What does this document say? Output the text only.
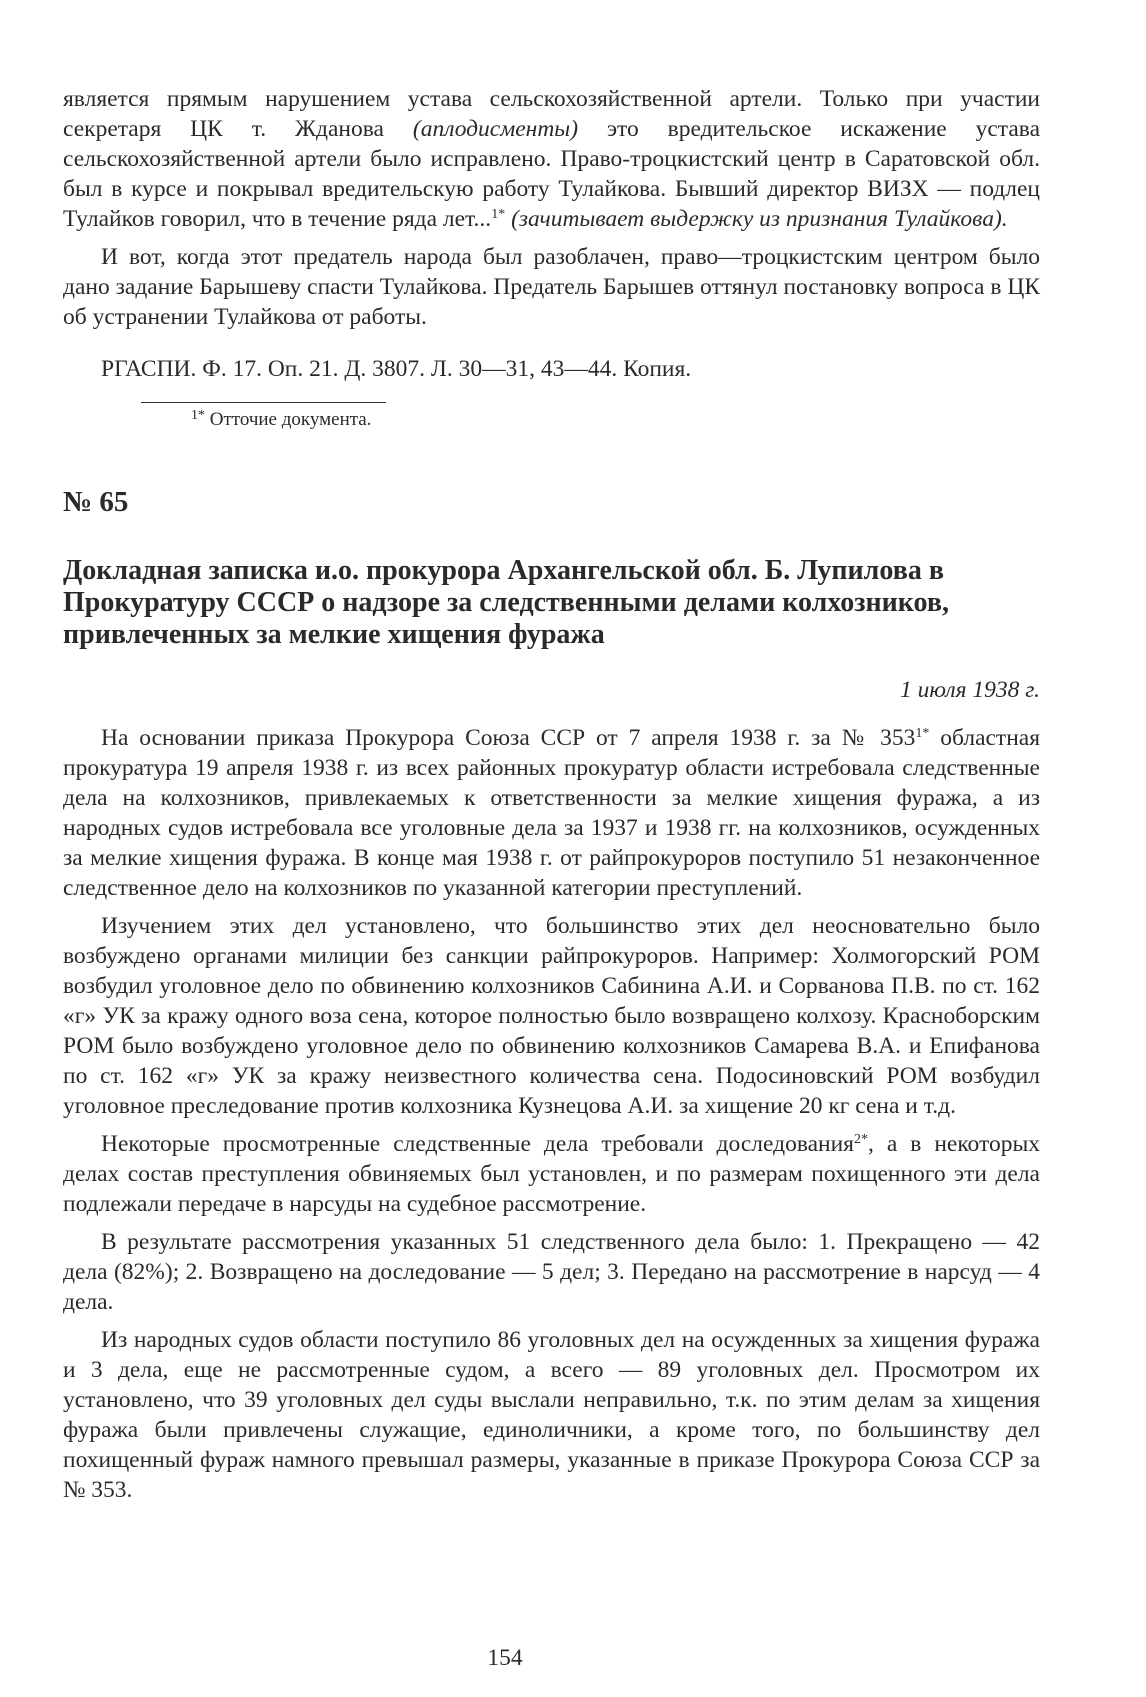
является прямым нарушением устава сельскохозяйственной артели. Только при участии секретаря ЦК т. Жданова (аплодисменты) это вредительское искажение устава сельскохозяйственной артели было исправлено. Право-троцкистский центр в Саратовской обл. был в курсе и покрывал вредительскую работу Тулайкова. Бывший директор ВИЗХ — подлец Тулайков говорил, что в течение ряда лет...$^{1*}$ (зачитывает выдержку из признания Тулайкова).

И вот, когда этот предатель народа был разоблачен, право—троцкистским центром было дано задание Барышеву спасти Тулайкова. Предатель Барышев оттянул постановку вопроса в ЦК об устранении Тулайкова от работы.

РГАСПИ. Ф. 17. Оп. 21. Д. 3807. Л. 30—31, 43—44. Копия.

$^{1*}$ Отточие документа.

№ 65
Докладная записка и.о. прокурора Архангельской обл. Б. Лупилова в Прокуратуру СССР о надзоре за следственными делами колхозников, привлеченных за мелкие хищения фуража
1 июля 1938 г.

На основании приказа Прокурора Союза ССР от 7 апреля 1938 г. за № $353^{1*}$ областная прокуратура 19 апреля 1938 г. из всех районных прокуратур области истребовала следственные дела на колхозников, привлекаемых к ответственности за мелкие хищения фуража, а из народных судов истребовала все уголовные дела за 1937 и 1938 гг. на колхозников, осужденных за мелкие хищения фуража. В конце мая 1938 г. от райпрокуроров поступило 51 незаконченное следственное дело на колхозников по указанной категории преступлений.

Изучением этих дел установлено, что большинство этих дел неосновательно было возбуждено органами милиции без санкции райпрокуроров. Например: Холмогорский РОМ возбудил уголовное дело по обвинению колхозников Сабинина А.И. и Сорванова П.В. по ст. 162 «г» УК за кражу одного воза сена, которое полностью было возвращено колхозу. Красноборским РОМ было возбуждено уголовное дело по обвинению колхозников Самарева В.А. и Епифанова по ст. 162 «г» УК за кражу неизвестного количества сена. Подосиновский РОМ возбудил уголовное преследование против колхозника Кузнецова А.И. за хищение 20 кг сена и т.д.

Некоторые просмотренные следственные дела требовали доследования$^{2*}$, а в некоторых делах состав преступления обвиняемых был установлен, и по размерам похищенного эти дела подлежали передаче в нарсуды на судебное рассмотрение.

В результате рассмотрения указанных 51 следственного дела было: 1. Прекращено — 42 дела (82%); 2. Возвращено на доследование — 5 дел; 3. Передано на рассмотрение в нарсуд — 4 дела.

Из народных судов области поступило 86 уголовных дел на осужденных за хищения фуража и 3 дела, еще не рассмотренные судом, а всего — 89 уголовных дел. Просмотром их установлено, что 39 уголовных дел суды выслали неправильно, т.к. по этим делам за хищения фуража были привлечены служащие, единоличники, а кроме того, по большинству дел похищенный фураж намного превышал размеры, указанные в приказе Прокурора Союза ССР за № 353.

154
